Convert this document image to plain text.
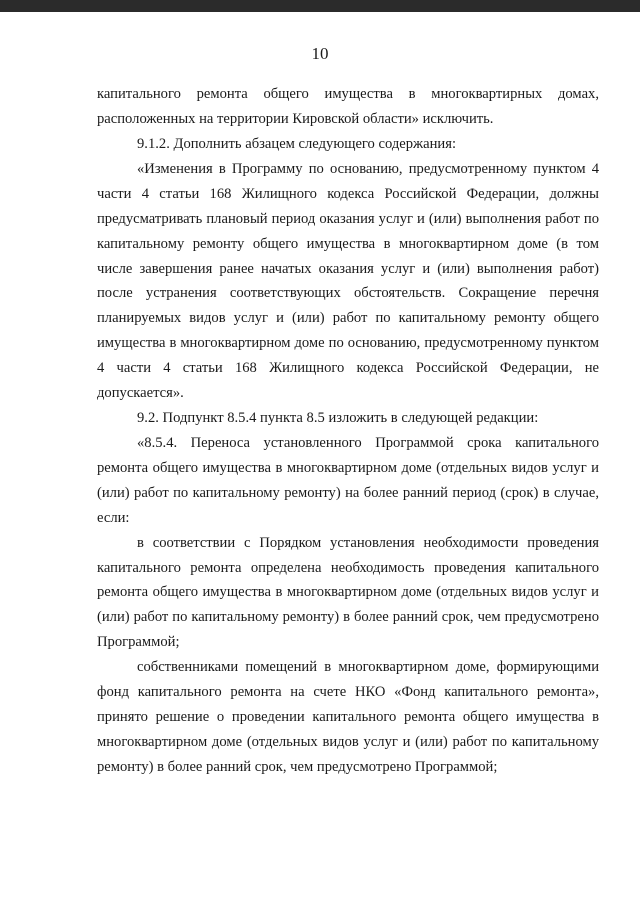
10

капитального ремонта общего имущества в многоквартирных домах, расположенных на территории Кировской области» исключить.

9.1.2. Дополнить абзацем следующего содержания:

«Изменения в Программу по основанию, предусмотренному пунктом 4 части 4 статьи 168 Жилищного кодекса Российской Федерации, должны предусматривать плановый период оказания услуг и (или) выполнения работ по капитальному ремонту общего имущества в многоквартирном доме (в том числе завершения ранее начатых оказания услуг и (или) выполнения работ) после устранения соответствующих обстоятельств. Сокращение перечня планируемых видов услуг и (или) работ по капитальному ремонту общего имущества в многоквартирном доме по основанию, предусмотренному пунктом 4 части 4 статьи 168 Жилищного кодекса Российской Федерации, не допускается».

9.2. Подпункт 8.5.4 пункта 8.5 изложить в следующей редакции:

«8.5.4. Переноса установленного Программой срока капитального ремонта общего имущества в многоквартирном доме (отдельных видов услуг и (или) работ по капитальному ремонту) на более ранний период (срок) в случае, если:

в соответствии с Порядком установления необходимости проведения капитального ремонта определена необходимость проведения капитального ремонта общего имущества в многоквартирном доме (отдельных видов услуг и (или) работ по капитальному ремонту) в более ранний срок, чем предусмотрено Программой;

собственниками помещений в многоквартирном доме, формирующими фонд капитального ремонта на счете НКО «Фонд капитального ремонта», принято решение о проведении капитального ремонта общего имущества в многоквартирном доме (отдельных видов услуг и (или) работ по капитальному ремонту) в более ранний срок, чем предусмотрено Программой;
